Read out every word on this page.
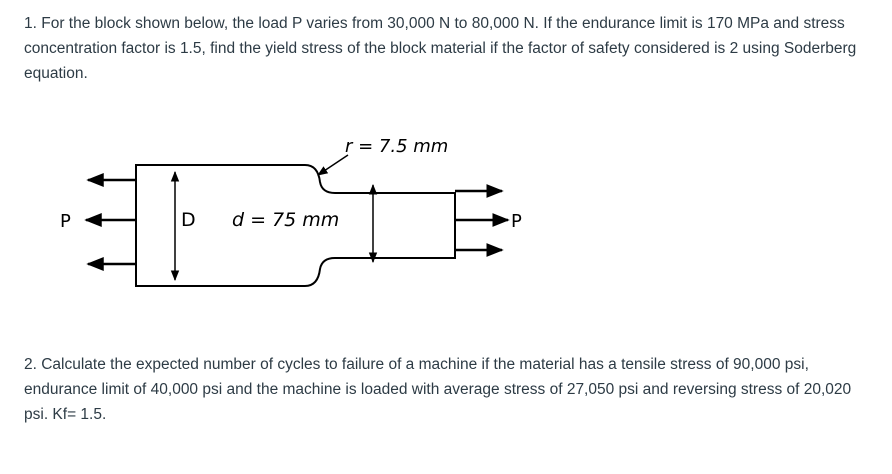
1. For the block shown below, the load P varies from 30,000 N to 80,000 N. If the endurance limit is 170 MPa and stress concentration factor is 1.5, find the yield stress of the block material if the factor of safety considered is 2 using Soderberg equation.

r = 7.5 mm
D d = 75 mm
P	P

2. Calculate the expected number of cycles to failure of a machine if the material has a tensile stress of 90,000 psi, endurance limit of 40,000 psi and the machine is loaded with average stress of 27,050 psi and reversing stress of 20,020 psi. Kf= 1.5.
